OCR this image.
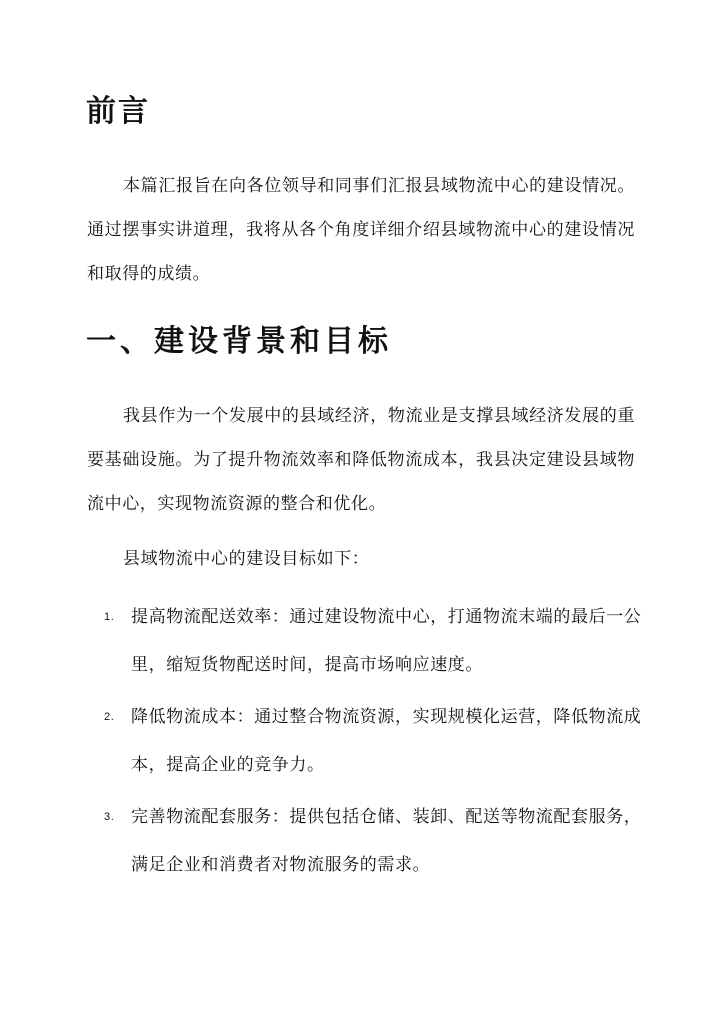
前言

本篇汇报旨在向各位领导和同事们汇报县域物流中心的建设情况。通过摆事实讲道理，我将从各个角度详细介绍县域物流中心的建设情况和取得的成绩。

一、建设背景和目标

我县作为一个发展中的县域经济，物流业是支撑县域经济发展的重要基础设施。为了提升物流效率和降低物流成本，我县决定建设县域物流中心，实现物流资源的整合和优化。

县域物流中心的建设目标如下：

1. 提高物流配送效率：通过建设物流中心，打通物流末端的最后一公里，缩短货物配送时间，提高市场响应速度。
2. 降低物流成本：通过整合物流资源，实现规模化运营，降低物流成本，提高企业的竞争力。
3. 完善物流配套服务：提供包括仓储、装卸、配送等物流配套服务，满足企业和消费者对物流服务的需求。
